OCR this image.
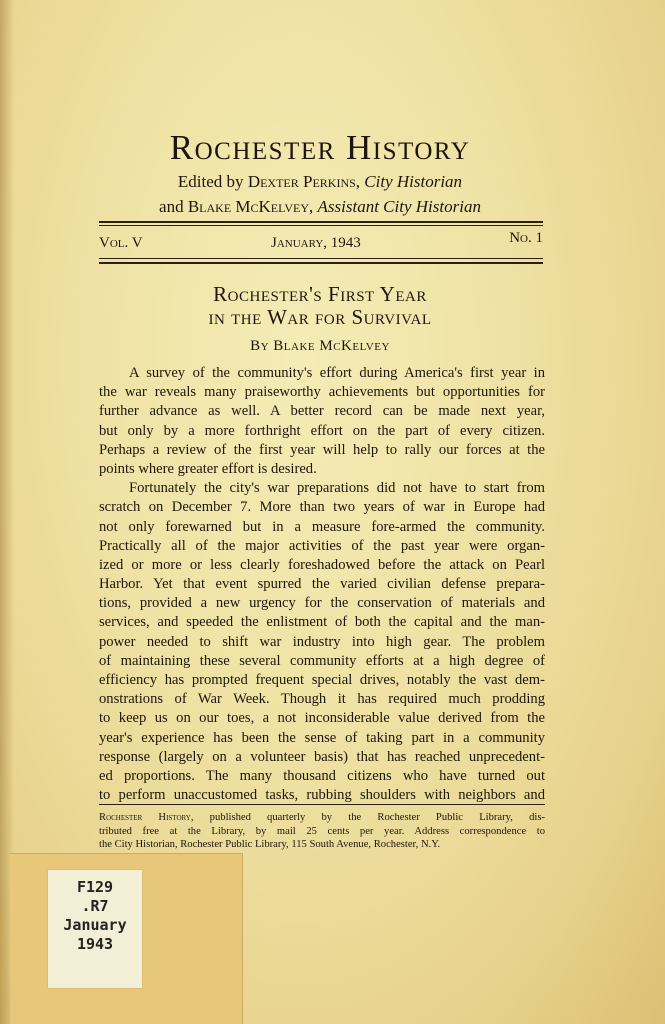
Rochester History
Edited by Dexter Perkins, City Historian
and Blake McKelvey, Assistant City Historian
Vol. V	January, 1943	No. 1
Rochester's First Year
in the War for Survival
By Blake McKelvey
A survey of the community's effort during America's first year in
the war reveals many praiseworthy achievements but opportunities for
further advance as well. A better record can be made next year,
but only by a more forthright effort on the part of every citizen.
Perhaps a review of the first year will help to rally our forces at the
points where greater effort is desired.
Fortunately the city's war preparations did not have to start from
scratch on December 7. More than two years of war in Europe had
not only forewarned but in a measure fore-armed the community.
Practically all of the major activities of the past year were organ-
ized or more or less clearly foreshadowed before the attack on Pearl
Harbor. Yet that event spurred the varied civilian defense prepara-
tions, provided a new urgency for the conservation of materials and
services, and speeded the enlistment of both the capital and the man-
power needed to shift war industry into high gear. The problem
of maintaining these several community efforts at a high degree of
efficiency has prompted frequent special drives, notably the vast dem-
onstrations of War Week. Though it has required much prodding
to keep us on our toes, a not inconsiderable value derived from the
year's experience has been the sense of taking part in a community
response (largely on a volunteer basis) that has reached unprecedent-
ed proportions. The many thousand citizens who have turned out
to perform unaccustomed tasks, rubbing shoulders with neighbors and
Rochester History, published quarterly by the Rochester Public Library, dis-
tributed free at the Library, by mail 25 cents per year. Address correspondence to
the City Historian, Rochester Public Library, 115 South Avenue, Rochester, N.Y.
F129
.R7
January
1943
